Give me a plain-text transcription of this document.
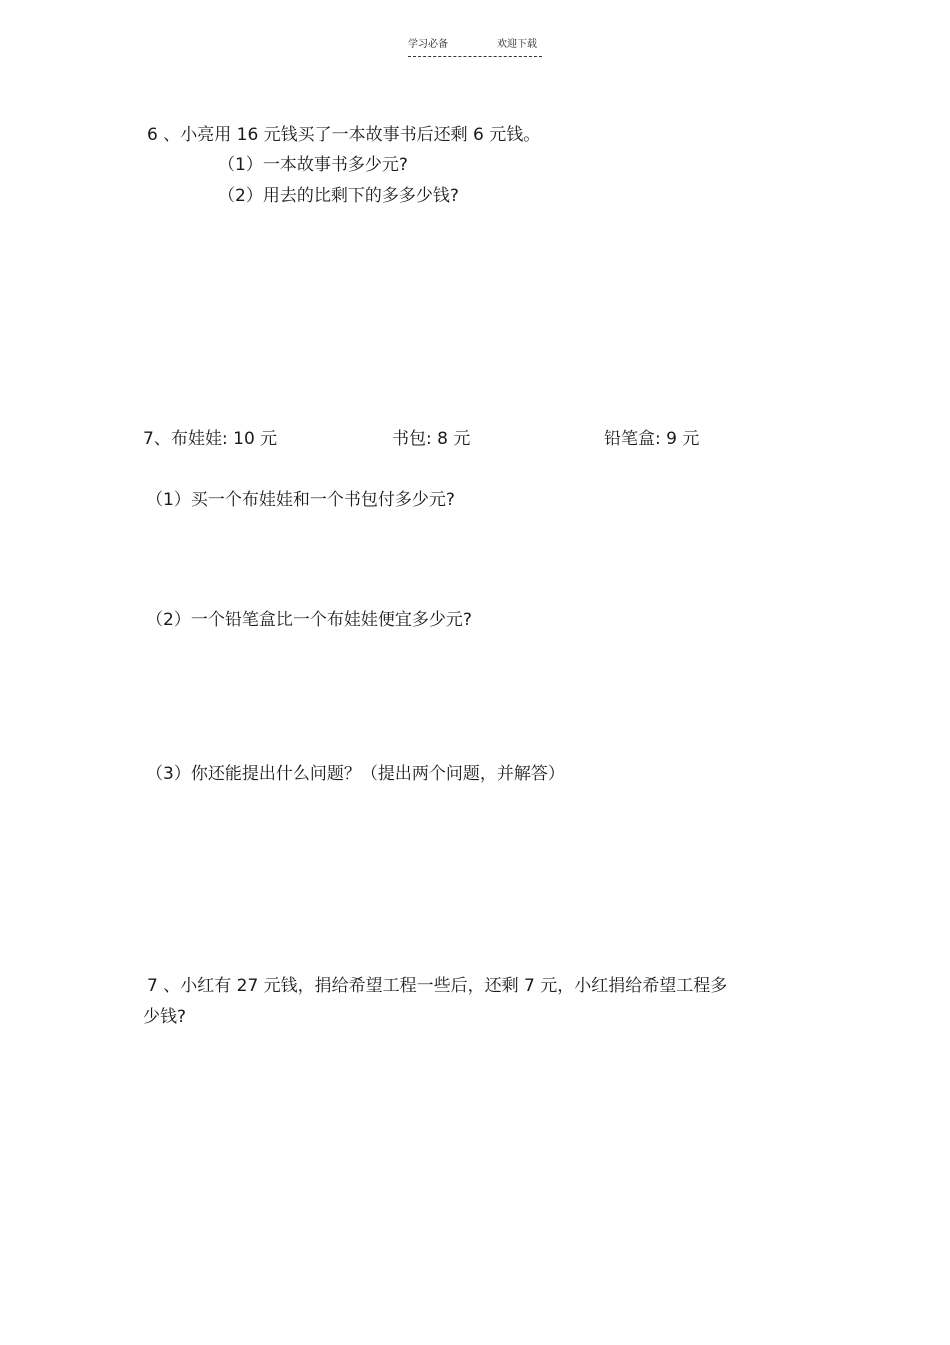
学习必备	欢迎下载
6 、小亮用 16 元钱买了一本故事书后还剩 6 元钱。
（1）一本故事书多少元?
（2）用去的比剩下的多多少钱?
7、 布娃娃: 10 元	书包: 8 元	铅笔盒: 9 元
（1）买一个布娃娃和一个书包付多少元?
（2）一个铅笔盒比一个布娃娃便宜多少元?
（3）你还能提出什么问题？（提出两个问题，并解答）
7 、小红有 27 元钱，捐给希望工程一些后，还剩 7 元，小红捐给希望工程多
少钱?
